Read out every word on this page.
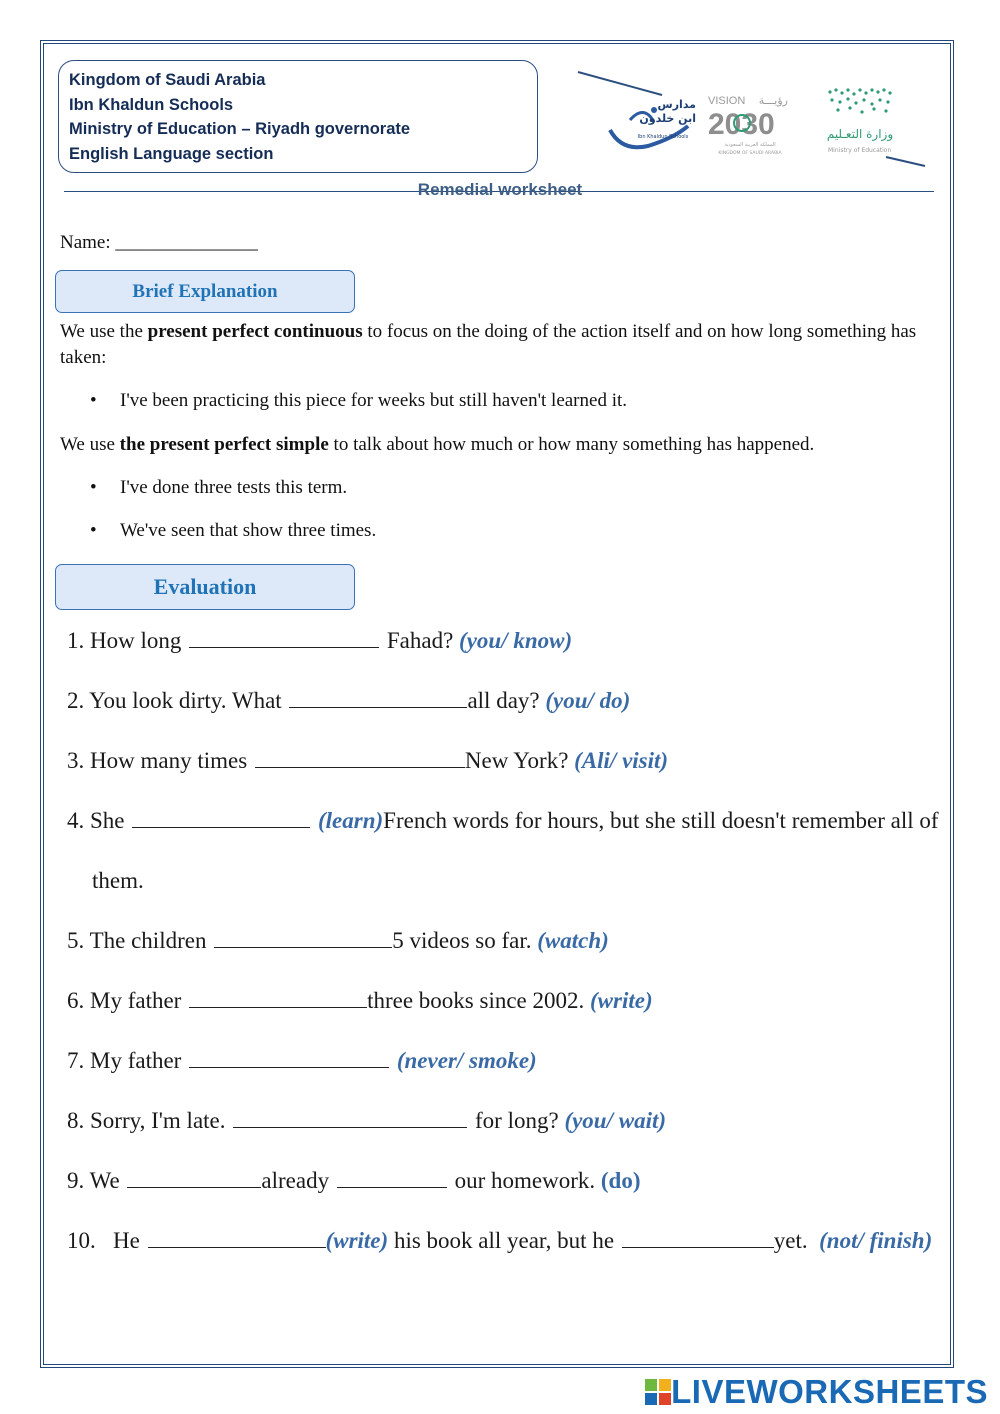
Kingdom of Saudi Arabia
Ibn Khaldun Schools
Ministry of Education – Riyadh governorate
English Language section
مدارس
ابن خلدون
Ibn Khaldun Schools
VISION رؤيـــة
2030
المملكة العربية السعودية
KINGDOM OF SAUDI ARABIA
وزارة التعـليم
Ministry of Education
Remedial worksheet
Name: _______________
Brief Explanation
We use the present perfect continuous to focus on the doing of the action itself and on how long something has taken:
• I've been practicing this piece for weeks but still haven't learned it.
We use the present perfect simple to talk about how much or how many something has happened.
• I've done three tests this term.
• We've seen that show three times.
Evaluation
1. How long	Fahad? (you/ know)
2. You look dirty. What	all day? (you/ do)
3. How many times	New York? (Ali/ visit)
4. She	(learn)French words for hours, but she still doesn't remember all of
them.
5. The children	5 videos so far. (watch)
6. My father	three books since 2002. (write)
7. My father	(never/ smoke)
8. Sorry, I'm late.	for long? (you/ wait)
9. We	already	our homework. (do)
10. He	(write) his book all year, but he	yet. (not/ finish)
LIVEWORKSHEETS
